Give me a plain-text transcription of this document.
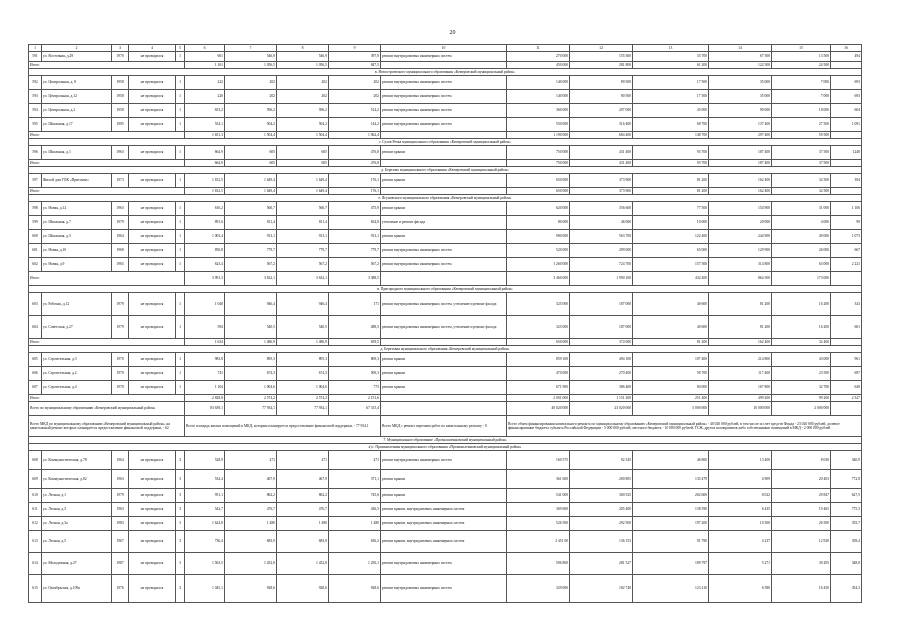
20
1	2	3	4	5	6	7	8	9	10	11	12	13	14	15	16
591	ул. Восточная, д.29	1970	не проводился	1	601	546,9	546,9	397,9	ремонт внутридомовых инженерных систем	270 000	155 300	33 700	67 500	13 500	494
Итого					1 161	1 056,5	1 056,5	847,5		450 000	281 800	61 200	122 500	24 500	
в. Новостроевского муниципального образования «Кемеровский муниципальный район»															
592	ул. Центральная, д. 8	1958	не проводился	1	222	202	202	202	ремонт внутридомовых инженерных систем	140 000	80 500	17 500	35 000	7 000	693
593	ул. Центральная, д.12	1958	не проводился	1	220	202	202	202	ремонт внутридомовых инженерных систем	140 000	80 500	17 500	35 000	7 000	693
594	ул. Центральная, д.2	1958	не проводился	1	653,2	596,2	596,2	514,2	ремонт внутридомовых инженерных систем	360 000	207 000	45 000	90 000	18 000	604
595	ул. Школьная, д.17	1995	не проводился	1	554,1	504,2	504,2	144,2	ремонт внутридомовых инженерных систем	550 000	316 400	68 700	137 400	27 500	1 091
Итого					1 651,3	1 504,4	1 504,4	1 062,4		1 190 000	684 400	148 700	297 400	59 500	
г. Сухов Речка муниципального образования «Кемеровский муниципальный район»															
596	ул. Школьная, д.1	1963	не проводился	1	664,9	605	605	476,8	ремонт крыши	750 000	431 400	93 700	187 400	37 500	1240
Итого					664,9	605	605	476,8		750 000	431 400	93 700	187 400	37 500	
д. Березово муниципального образования «Кемеровский муниципальный район»															
597	Жилой дом ГОК «Притомье»	1973	не проводился	1	1 812,5	1 649,4	1 649,4	176,1	ремонт крыши	650 000	373 900	81 200	162 400	32 500	394
Итого					1 812,5	1 649,4	1 649,4	176,1		650 000	373 900	81 200	162 400	32 500	
е. Ягуновского муниципального образования «Кемеровский муниципальный район»															
598	ул. Новая, д.12	1963	не проводился	1	616,2	560,7	560,7	475,9	ремонт крыши	620 000	356 600	77 500	154 900	31 000	1 106
599	ул. Школьная, д.7	1979	не проводился	1	891,6	811,4	811,4	654,8	утепление и ремонт фасада	80 000	46 000	10 000	20 000	4 000	99
600	ул. Школьная, д.5	1964	не проводился	1	1 003,4	913,1	913,1	913,1	ремонт крыши	980 000	563 700	122 400	244 900	49 000	1 073
601	ул. Новая, д.10	1968	не проводился	1	856,8	779,7	779,7	779,7	ремонт внутридомовых инженерных систем	520 000	299 000	65 000	129 900	26 000	667
602	ул. Новая, д.9	1965	не проводился	1	623,4	567,2	567,2	567,2	ремонт внутридомовых инженерных систем	1 260 000	724 700	157 500	314 800	63 000	2 221
Итого					3 991,3	3 632,1	3 632,1	3 388,5		3 460 000	1 990 100	432 400	864 500	173 000	
в. Пригородного муниципального образования «Кемеровский муниципальный район»															
603	ул. Рабочая, д.12	1979	не проводился	1	1 040	946,4	946,4	171	ремонт внутридомовых инженерных систем, утепление и ремонт фасада	325 000	187 000	40 600	81 200	16 200	343
604	ул. Советская, д.27	1979	не проводился	1	594	540,5	540,5	488,5	ремонт внутридомовых инженерных систем, утепление и ремонт фасада	325 000	187 000	40 600	81 200	16 200	601
Итого					1 634	1 486,9	1 486,9	659,5		650 000	374 000	81 200	162 400	32 400	
д. Березовая муниципального образования «Кемеровский муниципальный район»															
605	ул. Строительная, д.3	1970	не проводился	1	983,8	895,3	895,3	809,3	ремонт крыши	859 100	494 100	107 400	214 800	43 000	961
606	ул. Строительная, д.2	1970	не проводился	1	741	674,3	674,3	569,3	ремонт крыши	470 000	270 400	58 700	117 400	23 500	697
607	ул. Строительная, д.4	1970	не проводился	1	1 104	1 004,6	1 004,6	773	ремонт крыши	671 900	386 400	84 000	167 800	32 700	649
Итого					2 828,8	2 574,2	2 574,2	2 151,6		2 001 000	1 151 200	251 400	499 200	99 200	2 327
Всего по муниципальному образованию «Кемеровский муниципальный район»					83 639,1	77 934,1	77 934,1	67 315,4		40 020 000	23 020 000	5 000 000	10 000 000	2 000 000	
Всего МКД по муниципальному образованию «Кемеровский муниципальный район», на капитальный ремонт которых планируется предоставление финансовой поддержки, - 62					Всего площадь жилых помещений в МКД, которым планируется предоставление финансовой поддержки, - 77 934,1				Всего МКД с ремонт перечнем работ по капитальному ремонту - 0	Всего объем финансирования капитального ремонта по муниципальному образованию «Кемеровский муниципальный район» - 40 020 000 рублей, в том числе за счет средств Фонда - 23 020 000 рублей, долевое финансирование бюджета субъекта Российской Федерации - 5 000 000 рублей, местного бюджета - 10 000 000 рублей, ТСЖ, других кооперативов либо собственников помещений в МКД - 2 000 000 рублей					
7. Муниципальное образование «Промышленновский муниципальный район»															
а) г. Промышленная муниципального образования «Промышленновский муниципальный район»															
608	ул. Коммунистическая, д.78	1964	не проводился	3	528,9	471	471	471	ремонт внутридомовых инженерных систем	160 575	92 345	46 800	13 400	8 030	340,9
609	ул. Коммунистическая, д.82	1963	не проводился	3	532,4	467,9	467,9	371,1	ремонт крыши	361 600	200 805	135 479	4 909	20 403	772,8
610	ул. Лесная, д.1	1979	не проводился	3	951,1	862,2	862,2	745,6	ремонт крыши	541 000	300 525	202 606	8 022	29 847	627,5
611	ул. Лесная, д.3	1963	не проводился	3	542,7	476,7	476,7	436,5	ремонт крыши, внутридомовых инженерных систем	369 600	205 400	138 590	6 435	19 465	775,3
612	ул. Лесная, д.3а	1983	не проводился	3	1 624,8	1 480	1 480	1 480	ремонт крыши, внутридомовых инженерных систем	526 500	292 500	197 200	10 300	26 500	355,7
613	ул. Лесная, д.5	1967	не проводился	3	736,4	683,9	683,9	636,2	ремонт крыши, внутридомовых инженерных систем	2 451 00	136 153	91 790	4 237	12 920	358,4
614	ул. Молодежная, д.27	1987	не проводился	3	1 563,5	1 452,8	1 452,8	1 250,1	ремонт внутридомовых инженерных систем	506 800	281 527	189 797	5 271	30 205	348,8
615	ул. Октябрьская, д.109а	1976	не проводился	3	1 045,1	928,6	928,6	928,6	ремонт внутридомовых инженерных систем	329 000	182 740	123 210	6 580	16 450	354,3
